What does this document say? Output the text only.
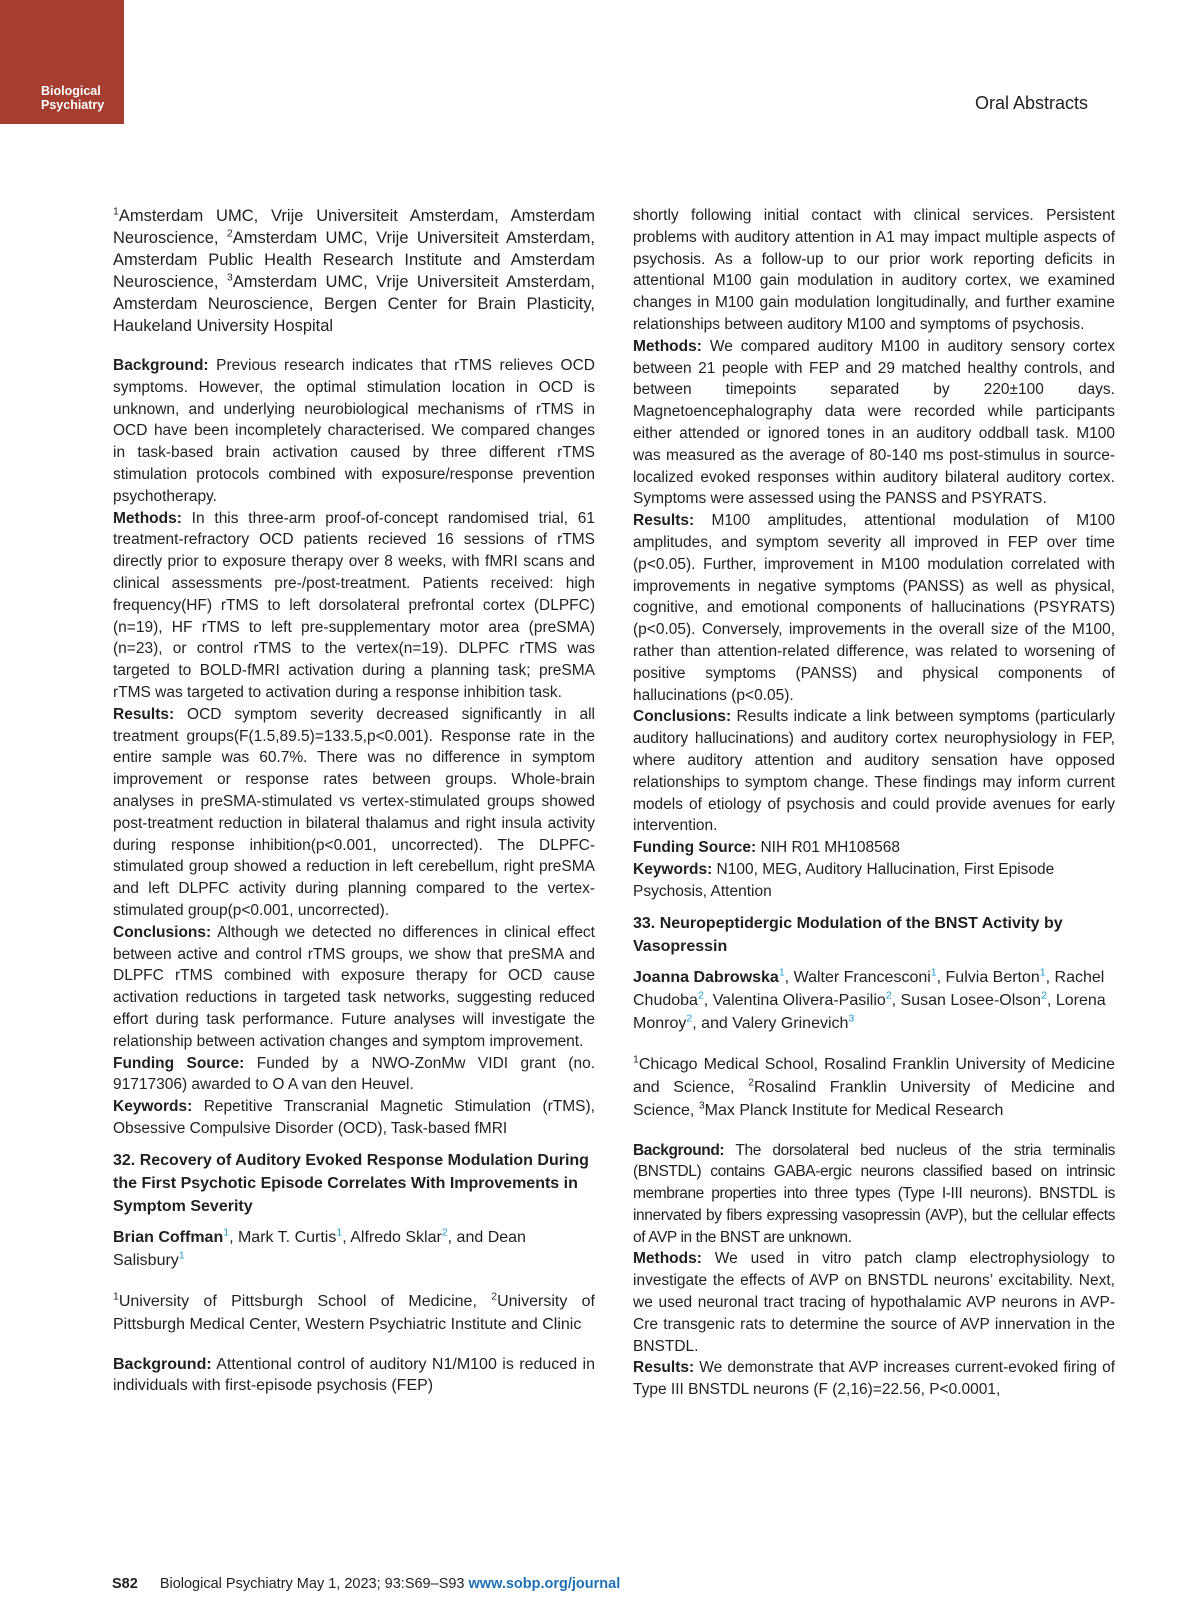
Biological
Psychiatry	Oral Abstracts

$^1$Amsterdam UMC, Vrije Universiteit Amsterdam, Amsterdam Neuroscience, $^2$Amsterdam UMC, Vrije Universiteit Amsterdam, Amsterdam Public Health Research Institute and Amsterdam Neuroscience, $^3$Amsterdam UMC, Vrije Universiteit Amsterdam, Amsterdam Neuroscience, Bergen Center for Brain Plasticity, Haukeland University Hospital

Background: Previous research indicates that rTMS relieves OCD symptoms. However, the optimal stimulation location in OCD is unknown, and underlying neurobiological mechanisms of rTMS in OCD have been incompletely characterised. We compared changes in task-based brain activation caused by three different rTMS stimulation protocols combined with exposure/response prevention psychotherapy.

Methods: In this three-arm proof-of-concept randomised trial, 61 treatment-refractory OCD patients recieved 16 sessions of rTMS directly prior to exposure therapy over 8 weeks, with fMRI scans and clinical assessments pre-/post-treatment. Patients received: high frequency(HF) rTMS to left dorsolateral prefrontal cortex (DLPFC)(n=19), HF rTMS to left pre-supplementary motor area (preSMA)(n=23), or control rTMS to the vertex(n=19). DLPFC rTMS was targeted to BOLD-fMRI activation during a planning task; preSMA rTMS was targeted to activation during a response inhibition task.

Results: OCD symptom severity decreased significantly in all treatment groups(F(1.5,89.5)=133.5,p<0.001). Response rate in the entire sample was 60.7%. There was no difference in symptom improvement or response rates between groups. Whole-brain analyses in preSMA-stimulated vs vertex-stimulated groups showed post-treatment reduction in bilateral thalamus and right insula activity during response inhibition(p<0.001, uncorrected). The DLPFC-stimulated group showed a reduction in left cerebellum, right preSMA and left DLPFC activity during planning compared to the vertex-stimulated group(p<0.001, uncorrected).

Conclusions: Although we detected no differences in clinical effect between active and control rTMS groups, we show that preSMA and DLPFC rTMS combined with exposure therapy for OCD cause activation reductions in targeted task networks, suggesting reduced effort during task performance. Future analyses will investigate the relationship between activation changes and symptom improvement.

Funding Source: Funded by a NWO-ZonMw VIDI grant (no. 91717306) awarded to O A van den Heuvel.

Keywords: Repetitive Transcranial Magnetic Stimulation (rTMS), Obsessive Compulsive Disorder (OCD), Task-based fMRI

32. Recovery of Auditory Evoked Response Modulation During the First Psychotic Episode Correlates With Improvements in Symptom Severity

Brian Coffman$^1$, Mark T. Curtis$^1$, Alfredo Sklar$^2$, and Dean Salisbury$^1$

$^1$University of Pittsburgh School of Medicine, $^2$University of Pittsburgh Medical Center, Western Psychiatric Institute and Clinic

Background: Attentional control of auditory N1/M100 is reduced in individuals with first-episode psychosis (FEP)

shortly following initial contact with clinical services. Persistent problems with auditory attention in A1 may impact multiple aspects of psychosis. As a follow-up to our prior work reporting deficits in attentional M100 gain modulation in auditory cortex, we examined changes in M100 gain modulation longitudinally, and further examine relationships between auditory M100 and symptoms of psychosis.

Methods: We compared auditory M100 in auditory sensory cortex between 21 people with FEP and 29 matched healthy controls, and between timepoints separated by 220±100 days. Magnetoencephalography data were recorded while participants either attended or ignored tones in an auditory oddball task. M100 was measured as the average of 80-140 ms post-stimulus in source-localized evoked responses within auditory bilateral auditory cortex. Symptoms were assessed using the PANSS and PSYRATS.

Results: M100 amplitudes, attentional modulation of M100 amplitudes, and symptom severity all improved in FEP over time (p<0.05). Further, improvement in M100 modulation correlated with improvements in negative symptoms (PANSS) as well as physical, cognitive, and emotional components of hallucinations (PSYRATS) (p<0.05). Conversely, improvements in the overall size of the M100, rather than attention-related difference, was related to worsening of positive symptoms (PANSS) and physical components of hallucinations (p<0.05).

Conclusions: Results indicate a link between symptoms (particularly auditory hallucinations) and auditory cortex neurophysiology in FEP, where auditory attention and auditory sensation have opposed relationships to symptom change. These findings may inform current models of etiology of psychosis and could provide avenues for early intervention.

Funding Source: NIH R01 MH108568

Keywords: N100, MEG, Auditory Hallucination, First Episode Psychosis, Attention

33. Neuropeptidergic Modulation of the BNST Activity by Vasopressin

Joanna Dabrowska$^1$, Walter Francesconi$^1$, Fulvia Berton$^1$, Rachel Chudoba$^2$, Valentina Olivera-Pasilio$^2$, Susan Losee-Olson$^2$, Lorena Monroy$^2$, and Valery Grinevich$^3$

$^1$Chicago Medical School, Rosalind Franklin University of Medicine and Science, $^2$Rosalind Franklin University of Medicine and Science, $^3$Max Planck Institute for Medical Research

Background: The dorsolateral bed nucleus of the stria terminalis (BNSTDL) contains GABA-ergic neurons classified based on intrinsic membrane properties into three types (Type I-III neurons). BNSTDL is innervated by fibers expressing vasopressin (AVP), but the cellular effects of AVP in the BNST are unknown.

Methods: We used in vitro patch clamp electrophysiology to investigate the effects of AVP on BNSTDL neurons’ excitability. Next, we used neuronal tract tracing of hypothalamic AVP neurons in AVP-Cre transgenic rats to determine the source of AVP innervation in the BNSTDL.

Results: We demonstrate that AVP increases current-evoked firing of Type III BNSTDL neurons (F (2,16)=22.56, P<0.0001,

S82 Biological Psychiatry May 1, 2023; 93:S69–S93 www.sobp.org/journal
